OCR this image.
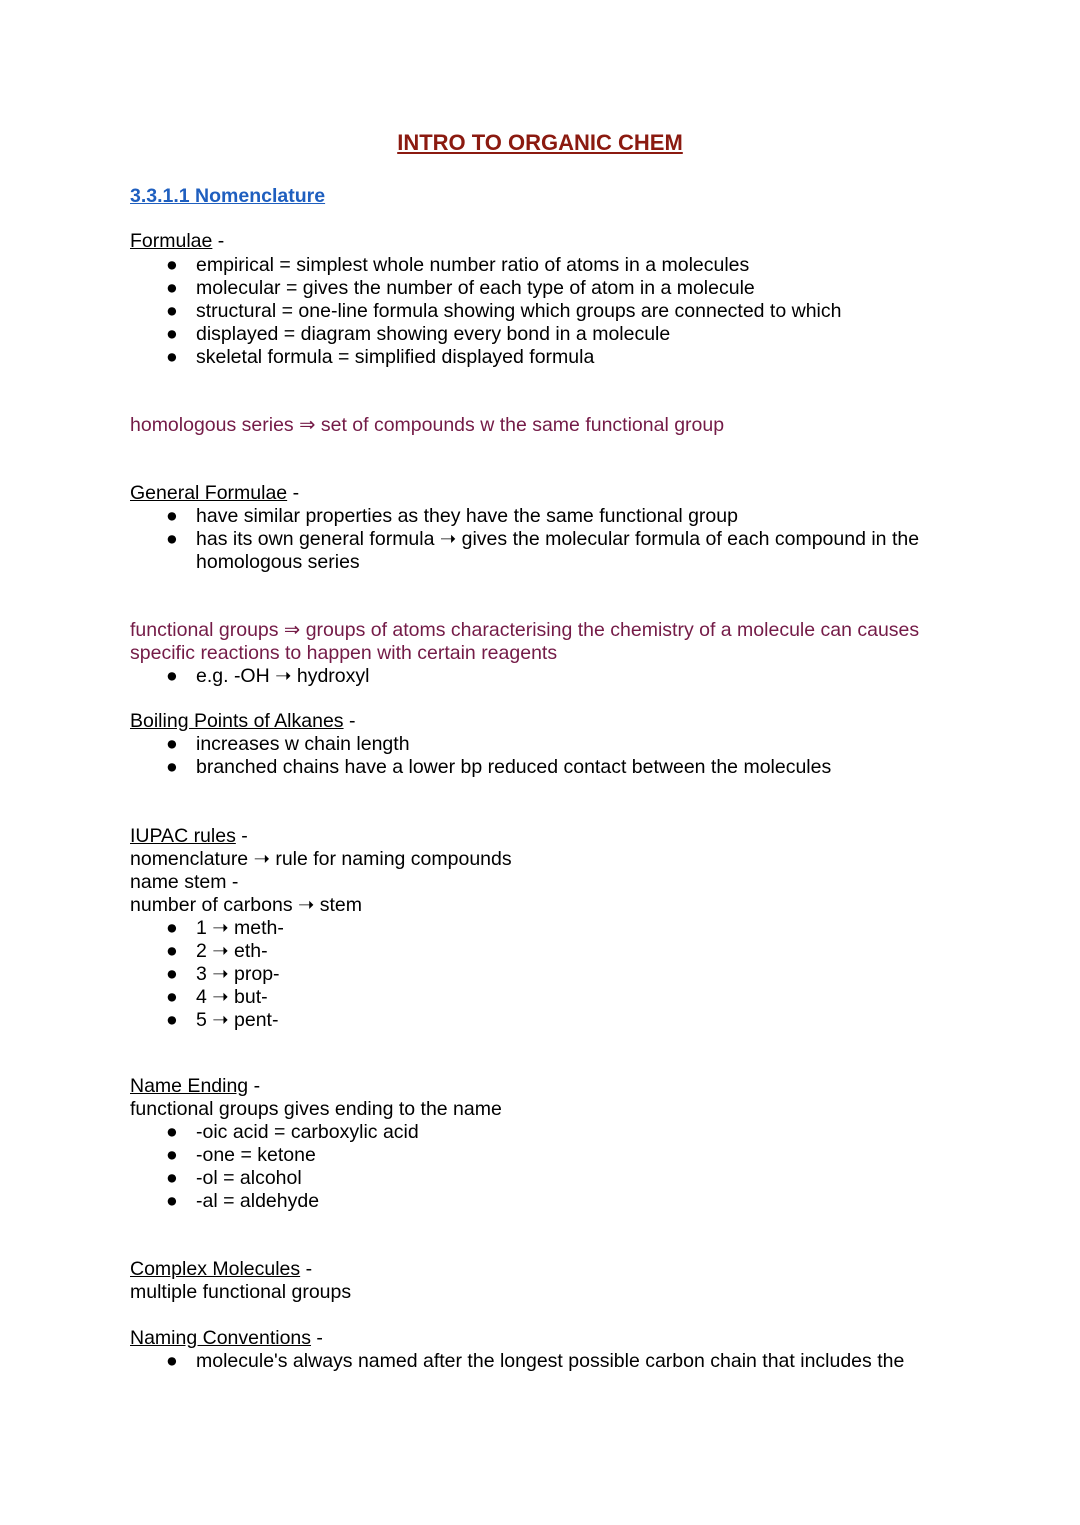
INTRO TO ORGANIC CHEM
3.3.1.1 Nomenclature
Formulae -
● empirical = simplest whole number ratio of atoms in a molecules
● molecular = gives the number of each type of atom in a molecule
● structural = one-line formula showing which groups are connected to which
● displayed = diagram showing every bond in a molecule
● skeletal formula = simplified displayed formula
homologous series ⇒ set of compounds w the same functional group
General Formulae -
● have similar properties as they have the same functional group
● has its own general formula ➝ gives the molecular formula of each compound in the homologous series
functional groups ⇒ groups of atoms characterising the chemistry of a molecule can causes specific reactions to happen with certain reagents
● e.g. -OH ➝ hydroxyl
Boiling Points of Alkanes -
● increases w chain length
● branched chains have a lower bp reduced contact between the molecules
IUPAC rules -
nomenclature ➝ rule for naming compounds
name stem -
number of carbons ➝ stem
● 1 ➝ meth-
● 2 ➝ eth-
● 3 ➝ prop-
● 4 ➝ but-
● 5 ➝ pent-
Name Ending -
functional groups gives ending to the name
● -oic acid = carboxylic acid
● -one = ketone
● -ol = alcohol
● -al = aldehyde
Complex Molecules -
multiple functional groups
Naming Conventions -
● molecule's always named after the longest possible carbon chain that includes the
